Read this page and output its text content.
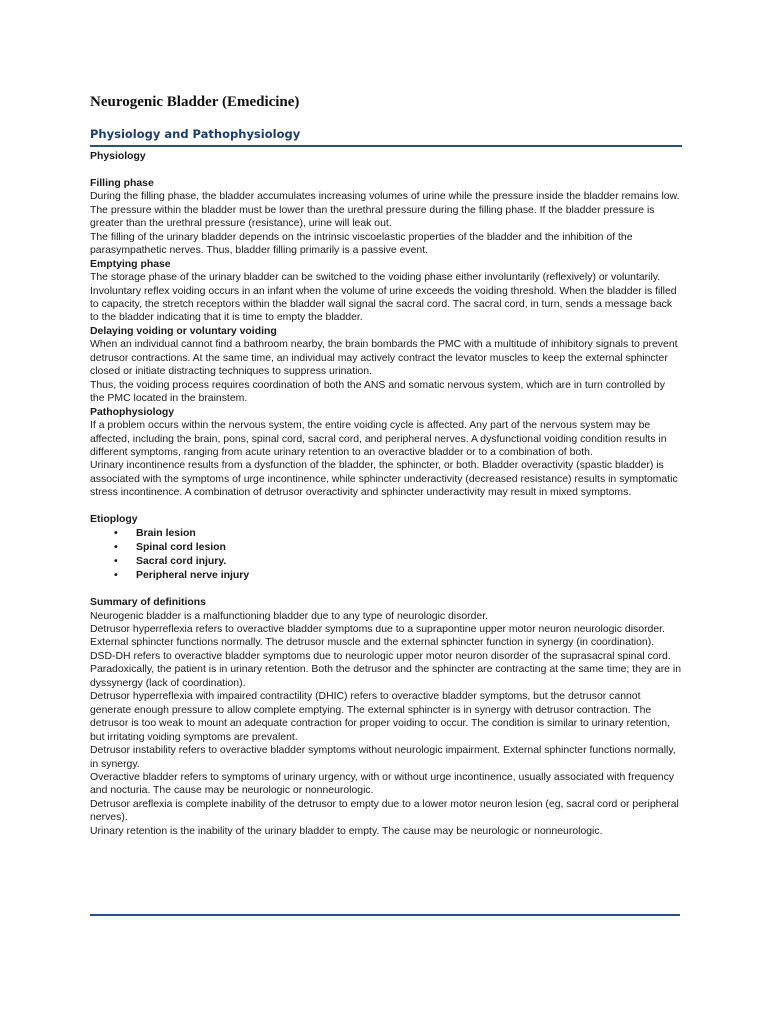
Neurogenic Bladder (Emedicine)
Physiology and Pathophysiology

Physiology

Filling phase

During the filling phase, the bladder accumulates increasing volumes of urine while the pressure inside the bladder remains low. The pressure within the bladder must be lower than the urethral pressure during the filling phase. If the bladder pressure is greater than the urethral pressure (resistance), urine will leak out.

The filling of the urinary bladder depends on the intrinsic viscoelastic properties of the bladder and the inhibition of the parasympathetic nerves. Thus, bladder filling primarily is a passive event.

Emptying phase

The storage phase of the urinary bladder can be switched to the voiding phase either involuntarily (reflexively) or voluntarily. Involuntary reflex voiding occurs in an infant when the volume of urine exceeds the voiding threshold. When the bladder is filled to capacity, the stretch receptors within the bladder wall signal the sacral cord. The sacral cord, in turn, sends a message back to the bladder indicating that it is time to empty the bladder.

Delaying voiding or voluntary voiding

When an individual cannot find a bathroom nearby, the brain bombards the PMC with a multitude of inhibitory signals to prevent detrusor contractions. At the same time, an individual may actively contract the levator muscles to keep the external sphincter closed or initiate distracting techniques to suppress urination.

Thus, the voiding process requires coordination of both the ANS and somatic nervous system, which are in turn controlled by the PMC located in the brainstem.

Pathophysiology

If a problem occurs within the nervous system, the entire voiding cycle is affected. Any part of the nervous system may be affected, including the brain, pons, spinal cord, sacral cord, and peripheral nerves. A dysfunctional voiding condition results in different symptoms, ranging from acute urinary retention to an overactive bladder or to a combination of both.

Urinary incontinence results from a dysfunction of the bladder, the sphincter, or both. Bladder overactivity (spastic bladder) is associated with the symptoms of urge incontinence, while sphincter underactivity (decreased resistance) results in symptomatic stress incontinence. A combination of detrusor overactivity and sphincter underactivity may result in mixed symptoms.

Etioplogy

• Brain lesion
• Spinal cord lesion
• Sacral cord injury.
• Peripheral nerve injury

Summary of definitions

Neurogenic bladder is a malfunctioning bladder due to any type of neurologic disorder.

Detrusor hyperreflexia refers to overactive bladder symptoms due to a suprapontine upper motor neuron neurologic disorder. External sphincter functions normally. The detrusor muscle and the external sphincter function in synergy (in coordination).

DSD-DH refers to overactive bladder symptoms due to neurologic upper motor neuron disorder of the suprasacral spinal cord. Paradoxically, the patient is in urinary retention. Both the detrusor and the sphincter are contracting at the same time; they are in dyssynergy (lack of coordination).

Detrusor hyperreflexia with impaired contractility (DHIC) refers to overactive bladder symptoms, but the detrusor cannot generate enough pressure to allow complete emptying. The external sphincter is in synergy with detrusor contraction. The detrusor is too weak to mount an adequate contraction for proper voiding to occur. The condition is similar to urinary retention, but irritating voiding symptoms are prevalent.

Detrusor instability refers to overactive bladder symptoms without neurologic impairment. External sphincter functions normally, in synergy.

Overactive bladder refers to symptoms of urinary urgency, with or without urge incontinence, usually associated with frequency and nocturia. The cause may be neurologic or nonneurologic.

Detrusor areflexia is complete inability of the detrusor to empty due to a lower motor neuron lesion (eg, sacral cord or peripheral nerves).

Urinary retention is the inability of the urinary bladder to empty. The cause may be neurologic or nonneurologic.
